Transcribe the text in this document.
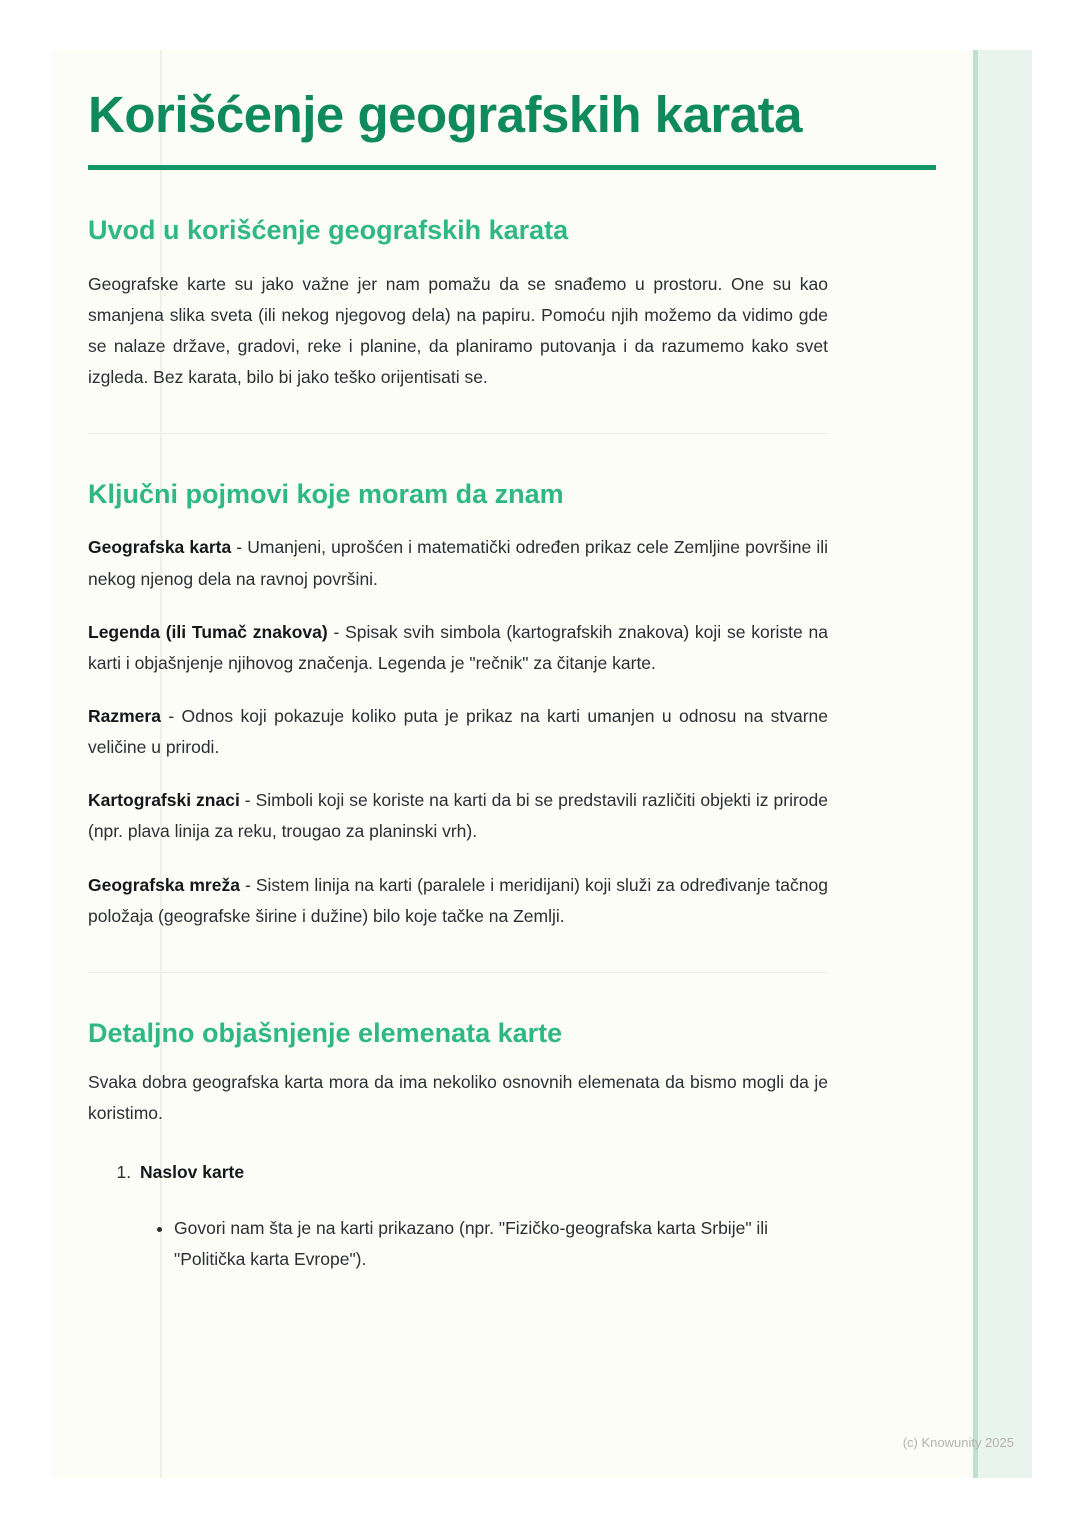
Korišćenje geografskih karata
Uvod u korišćenje geografskih karata

Geografske karte su jako važne jer nam pomažu da se snađemo u prostoru. One su kao smanjena slika sveta (ili nekog njegovog dela) na papiru. Pomoću njih možemo da vidimo gde se nalaze države, gradovi, reke i planine, da planiramo putovanja i da razumemo kako svet izgleda. Bez karata, bilo bi jako teško orijentisati se.

Ključni pojmovi koje moram da znam

Geografska karta - Umanjeni, uprošćen i matematički određen prikaz cele Zemljine površine ili nekog njenog dela na ravnoj površini.

Legenda (ili Tumač znakova) - Spisak svih simbola (kartografskih znakova) koji se koriste na karti i objašnjenje njihovog značenja. Legenda je "rečnik" za čitanje karte.

Razmera - Odnos koji pokazuje koliko puta je prikaz na karti umanjen u odnosu na stvarne veličine u prirodi.

Kartografski znaci - Simboli koji se koriste na karti da bi se predstavili različiti objekti iz prirode (npr. plava linija za reku, trougao za planinski vrh).

Geografska mreža - Sistem linija na karti (paralele i meridijani) koji služi za određivanje tačnog položaja (geografske širine i dužine) bilo koje tačke na Zemlji.

Detaljno objašnjenje elemenata karte

Svaka dobra geografska karta mora da ima nekoliko osnovnih elemenata da bismo mogli da je koristimo.

1. Naslov karte
• Govori nam šta je na karti prikazano (npr. "Fizičko-geografska karta Srbije" ili "Politička karta Evrope").
(c) Knowunity 2025
